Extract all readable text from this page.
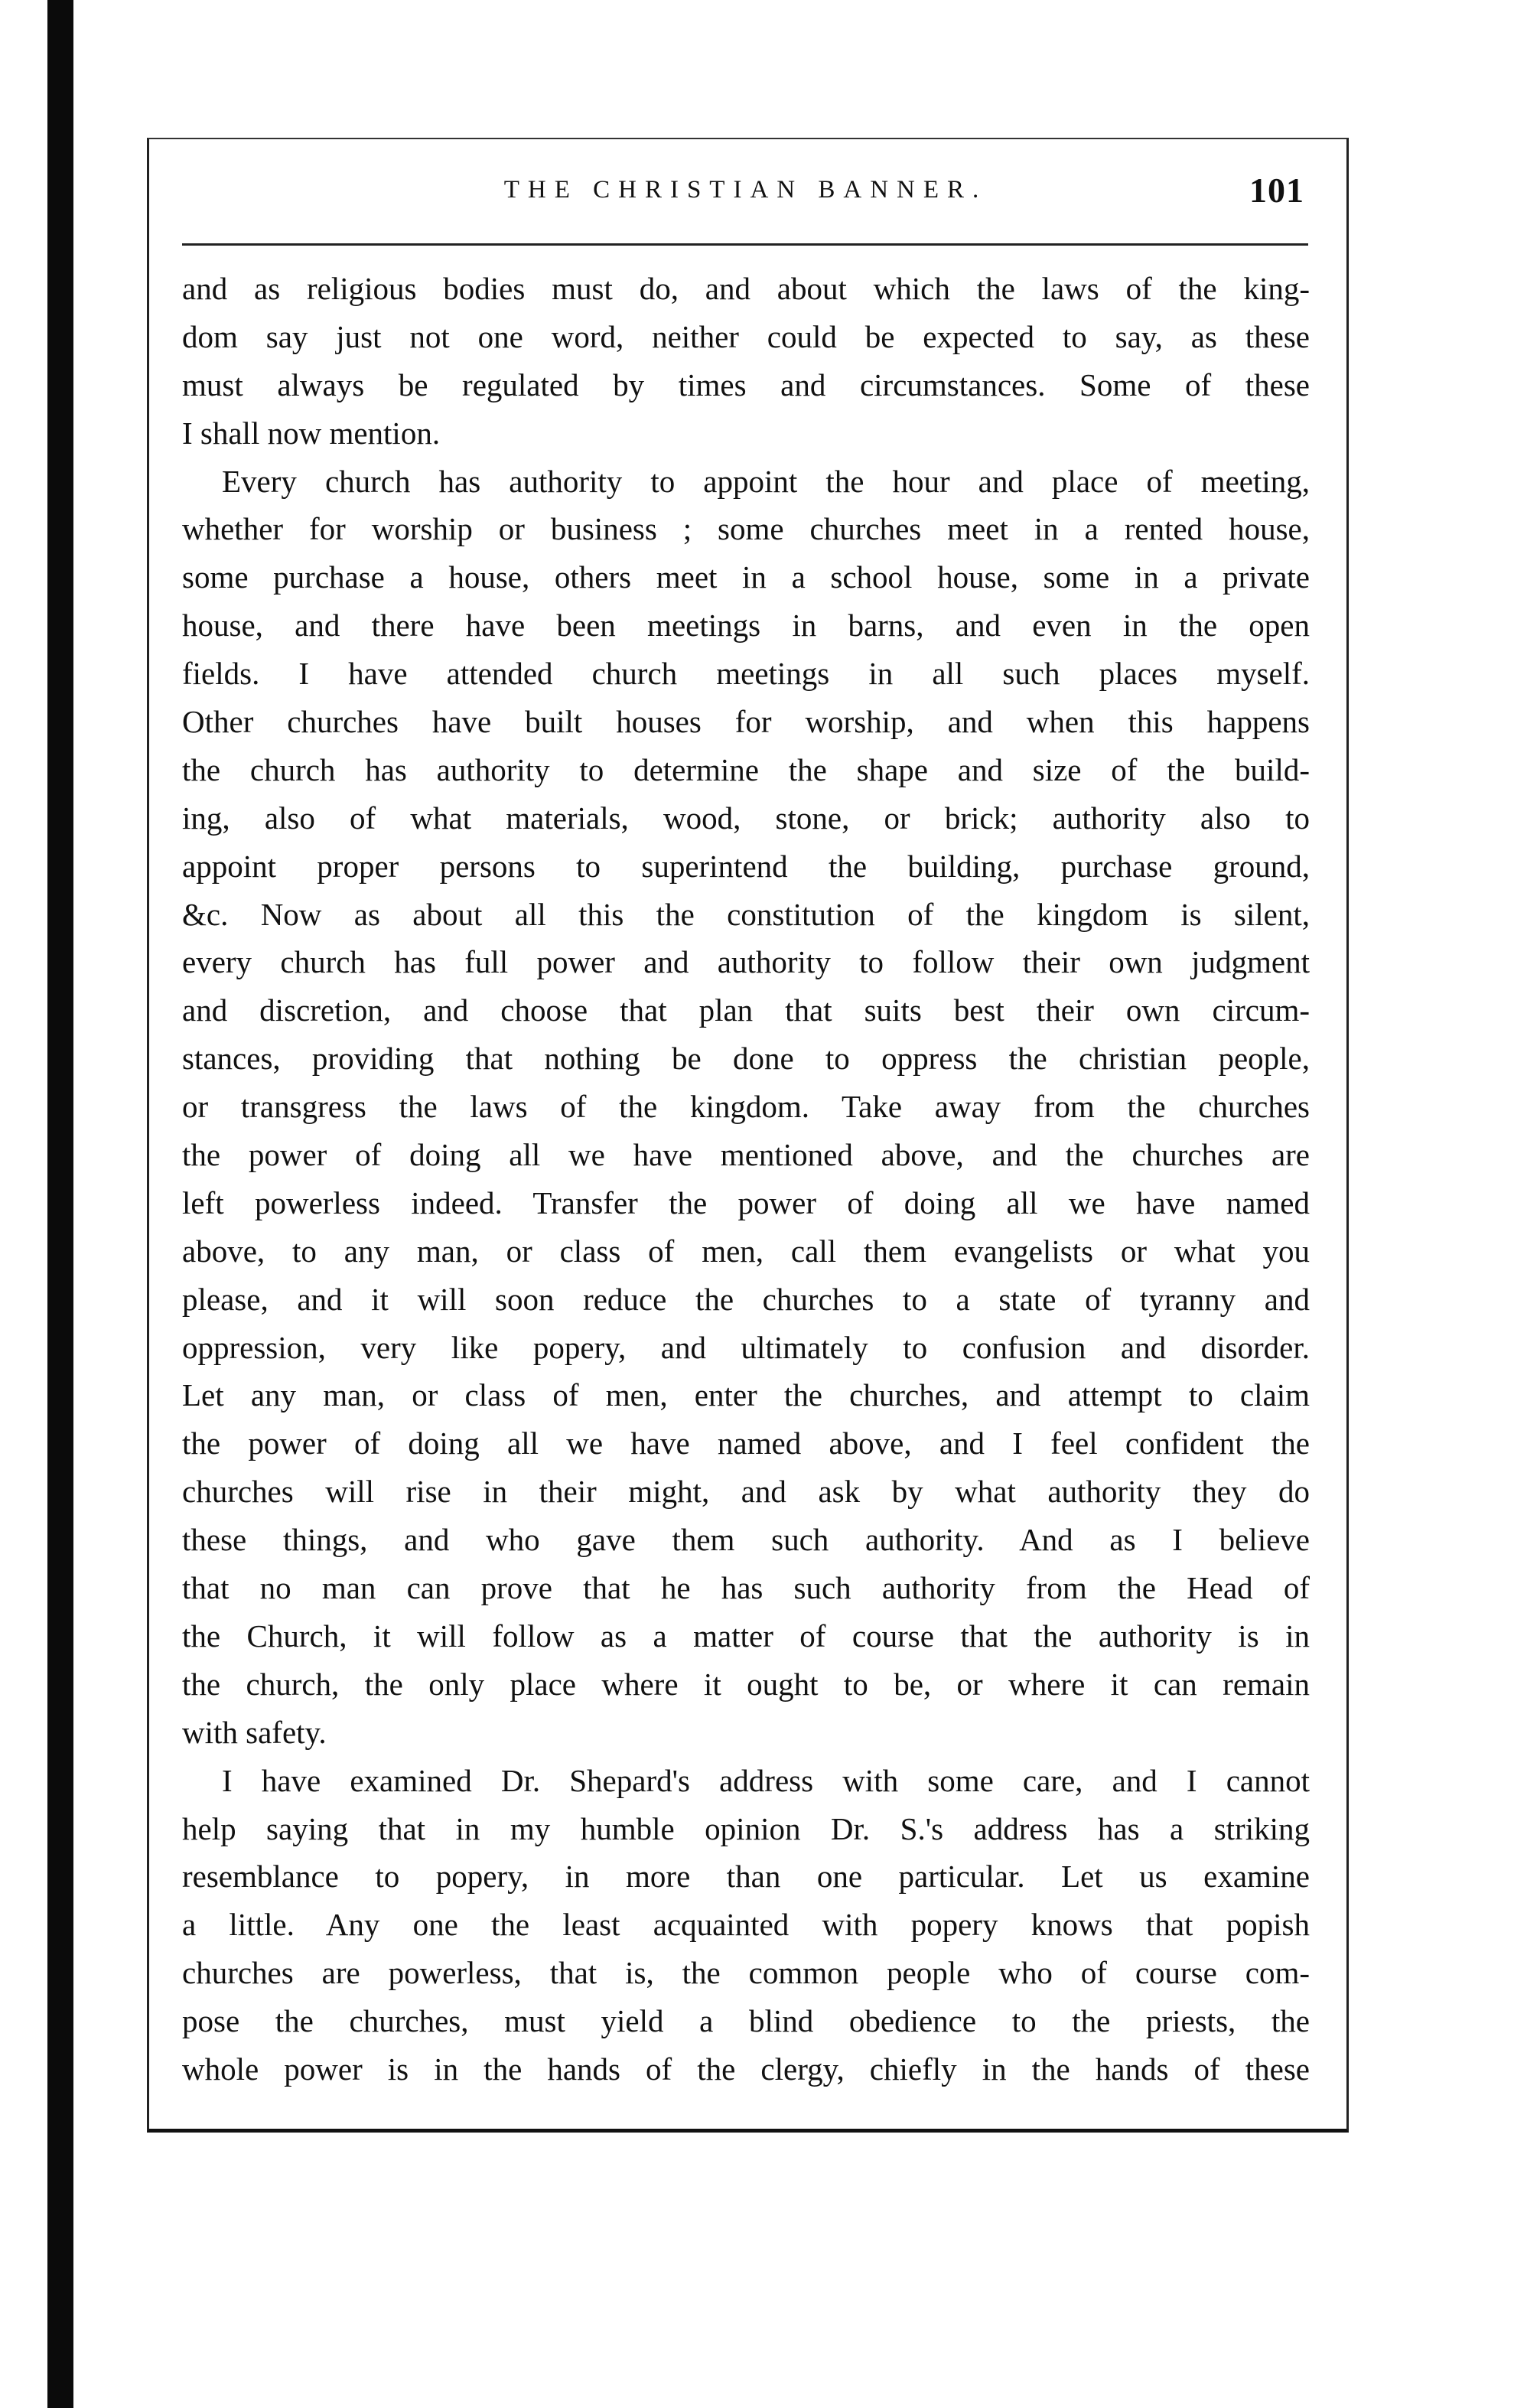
THE CHRISTIAN BANNER.	101
and as religious bodies must do, and about which the laws of the king-
dom say just not one word, neither could be expected to say, as these
must always be regulated by times and circumstances. Some of these
I shall now mention.
Every church has authority to appoint the hour and place of meeting,
whether for worship or business ; some churches meet in a rented house,
some purchase a house, others meet in a school house, some in a private
house, and there have been meetings in barns, and even in the open
fields. I have attended church meetings in all such places myself.
Other churches have built houses for worship, and when this happens
the church has authority to determine the shape and size of the build-
ing, also of what materials, wood, stone, or brick; authority also to
appoint proper persons to superintend the building, purchase ground,
&c. Now as about all this the constitution of the kingdom is silent,
every church has full power and authority to follow their own judgment
and discretion, and choose that plan that suits best their own circum-
stances, providing that nothing be done to oppress the christian people,
or transgress the laws of the kingdom. Take away from the churches
the power of doing all we have mentioned above, and the churches are
left powerless indeed. Transfer the power of doing all we have named
above, to any man, or class of men, call them evangelists or what you
please, and it will soon reduce the churches to a state of tyranny and
oppression, very like popery, and ultimately to confusion and disorder.
Let any man, or class of men, enter the churches, and attempt to claim
the power of doing all we have named above, and I feel confident the
churches will rise in their might, and ask by what authority they do
these things, and who gave them such authority. And as I believe
that no man can prove that he has such authority from the Head of
the Church, it will follow as a matter of course that the authority is in
the church, the only place where it ought to be, or where it can remain
with safety.
I have examined Dr. Shepard's address with some care, and I cannot
help saying that in my humble opinion Dr. S.'s address has a striking
resemblance to popery, in more than one particular. Let us examine
a little. Any one the least acquainted with popery knows that popish
churches are powerless, that is, the common people who of course com-
pose the churches, must yield a blind obedience to the priests, the
whole power is in the hands of the clergy, chiefly in the hands of these
